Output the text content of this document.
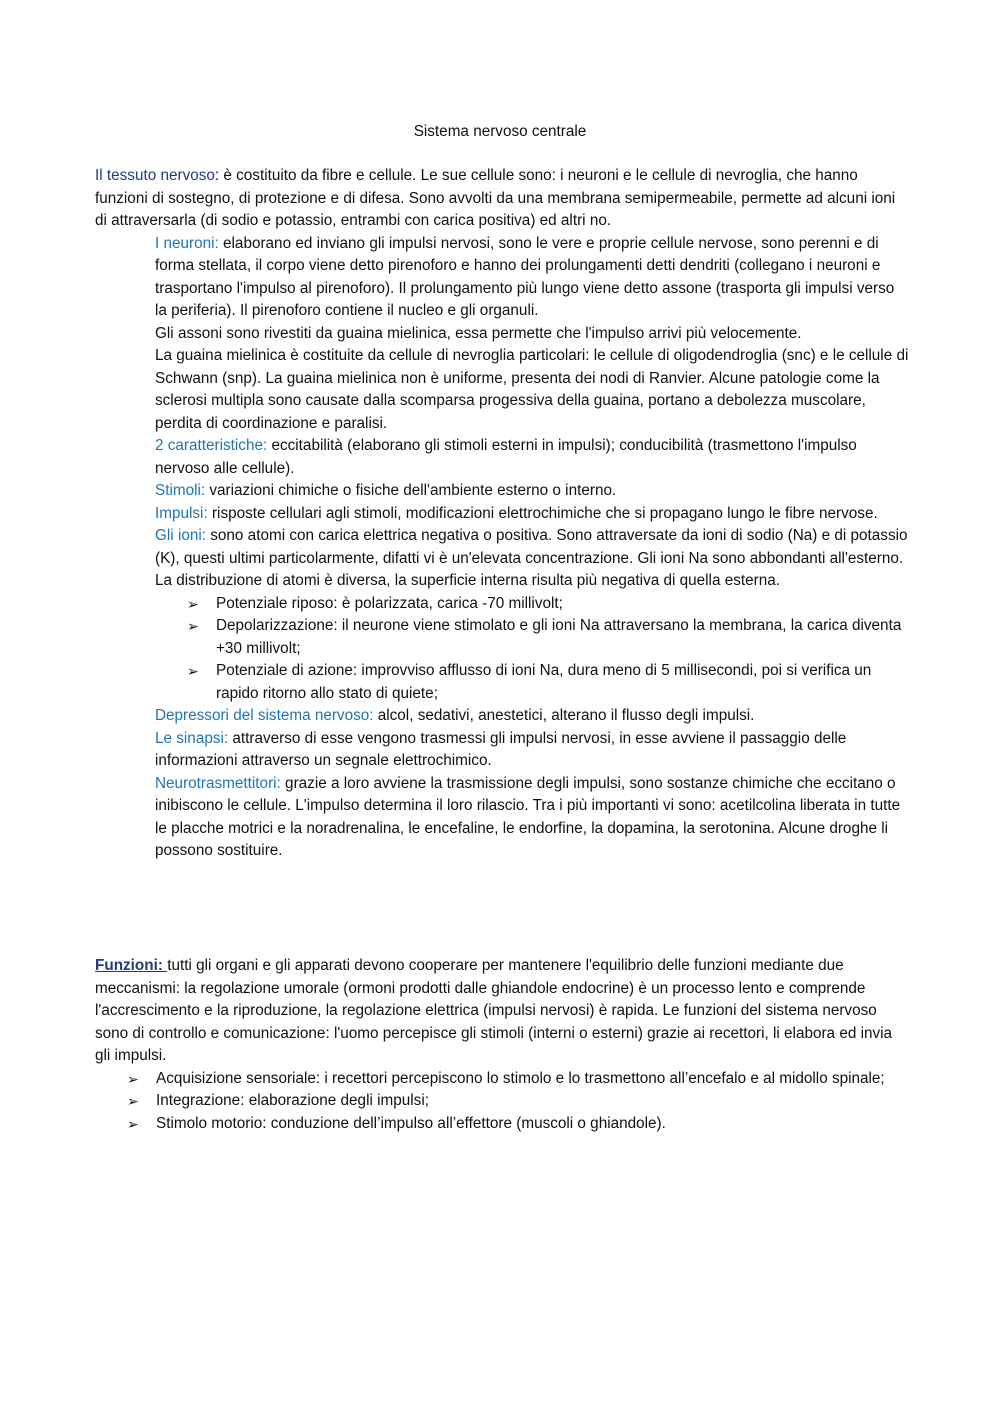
Sistema nervoso centrale

Il tessuto nervoso: è costituito da fibre e cellule. Le sue cellule sono: i neuroni e le cellule di nevroglia, che hanno funzioni di sostegno, di protezione e di difesa. Sono avvolti da una membrana semipermeabile, permette ad alcuni ioni di attraversarla (di sodio e potassio, entrambi con carica positiva) ed altri no.

I neuroni: elaborano ed inviano gli impulsi nervosi, sono le vere e proprie cellule nervose, sono perenni e di forma stellata, il corpo viene detto pirenoforo e hanno dei prolungamenti detti dendriti (collegano i neuroni e trasportano l'impulso al pirenoforo). Il prolungamento più lungo viene detto assone (trasporta gli impulsi verso la periferia). Il pirenoforo contiene il nucleo e gli organuli.

Gli assoni sono rivestiti da guaina mielinica, essa permette che l'impulso arrivi più velocemente.

La guaina mielinica è costituite da cellule di nevroglia particolari: le cellule di oligodendroglia (snc) e le cellule di Schwann (snp). La guaina mielinica non è uniforme, presenta dei nodi di Ranvier. Alcune patologie come la sclerosi multipla sono causate dalla scomparsa progessiva della guaina, portano a debolezza muscolare, perdita di coordinazione e paralisi.

2 caratteristiche: eccitabilità (elaborano gli stimoli esterni in impulsi); conducibilità (trasmettono l'impulso nervoso alle cellule).

Stimoli: variazioni chimiche o fisiche dell'ambiente esterno o interno.

Impulsi: risposte cellulari agli stimoli, modificazioni elettrochimiche che si propagano lungo le fibre nervose.

Gli ioni: sono atomi con carica elettrica negativa o positiva. Sono attraversate da ioni di sodio (Na) e di potassio (K), questi ultimi particolarmente, difatti vi è un'elevata concentrazione. Gli ioni Na sono abbondanti all'esterno.

La distribuzione di atomi è diversa, la superficie interna risulta più negativa di quella esterna.

➢ Potenziale riposo: è polarizzata, carica -70 millivolt;
➢ Depolarizzazione: il neurone viene stimolato e gli ioni Na attraversano la membrana, la carica diventa +30 millivolt;
➢ Potenziale di azione: improvviso afflusso di ioni Na, dura meno di 5 millisecondi, poi si verifica un rapido ritorno allo stato di quiete;

Depressori del sistema nervoso: alcol, sedativi, anestetici, alterano il flusso degli impulsi.

Le sinapsi: attraverso di esse vengono trasmessi gli impulsi nervosi, in esse avviene il passaggio delle informazioni attraverso un segnale elettrochimico.

Neurotrasmettitori: grazie a loro avviene la trasmissione degli impulsi, sono sostanze chimiche che eccitano o inibiscono le cellule. L'impulso determina il loro rilascio. Tra i più importanti vi sono: acetilcolina liberata in tutte le placche motrici e la noradrenalina, le encefaline, le endorfine, la dopamina, la serotonina. Alcune droghe li possono sostituire.

Funzioni: tutti gli organi e gli apparati devono cooperare per mantenere l'equilibrio delle funzioni mediante due meccanismi: la regolazione umorale (ormoni prodotti dalle ghiandole endocrine) è un processo lento e comprende l'accrescimento e la riproduzione, la regolazione elettrica (impulsi nervosi) è rapida. Le funzioni del sistema nervoso sono di controllo e comunicazione: l'uomo percepisce gli stimoli (interni o esterni) grazie ai recettori, li elabora ed invia gli impulsi.

➢ Acquisizione sensoriale: i recettori percepiscono lo stimolo e lo trasmettono all’encefalo e al midollo spinale;
➢ Integrazione: elaborazione degli impulsi;
➢ Stimolo motorio: conduzione dell’impulso all’effettore (muscoli o ghiandole).
